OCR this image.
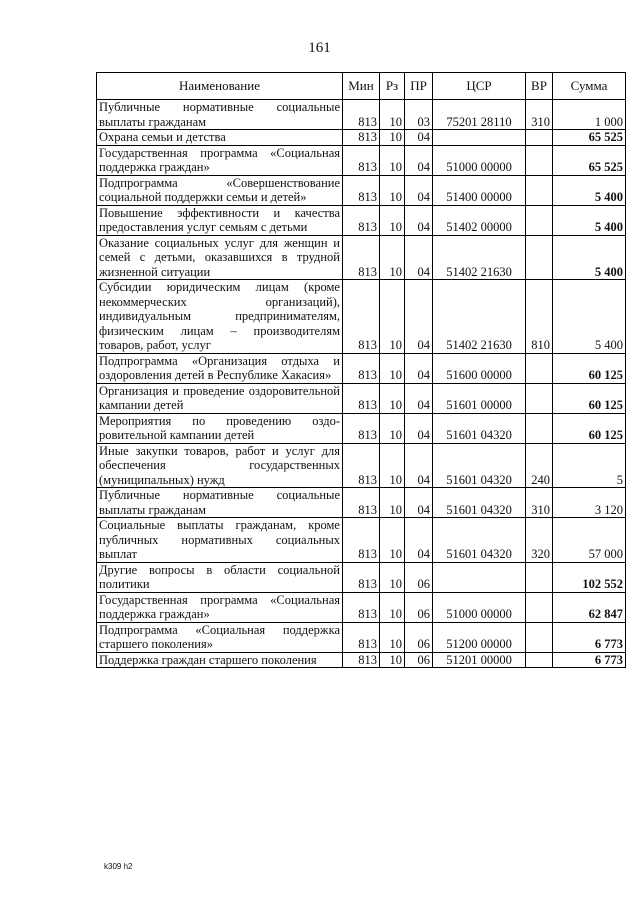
161
Наименование	Мин	Рз	ПР	ЦСР	ВР	Сумма
Публичные нормативные социальные выплаты гражданам	813	10	03	75201 28110	310	1 000
Охрана семьи и детства	813	10	04			65 525
Государственная программа «Социальная поддержка граждан»	813	10	04	51000 00000		65 525
Подпрограмма «Совершенствование социальной поддержки семьи и детей»	813	10	04	51400 00000		5 400
Повышение эффективности и качества предоставления услуг семьям с детьми	813	10	04	51402 00000		5 400
Оказание социальных услуг для женщин и семей с детьми, оказавшихся в трудной жизненной ситуации	813	10	04	51402 21630		5 400
Субсидии юридическим лицам (кроме некоммерческих организаций), индивидуальным предпринимателям, физическим лицам – производителям товаров, работ, услуг	813	10	04	51402 21630	810	5 400
Подпрограмма «Организация отдыха и оздоровления детей в Республике Хакасия»	813	10	04	51600 00000		60 125
Организация и проведение оздоровительной кампании детей	813	10	04	51601 00000		60 125
Мероприятия по проведению оздоровительной кампании детей	813	10	04	51601 04320		60 125
Иные закупки товаров, работ и услуг для обеспечения государственных (муниципальных) нужд	813	10	04	51601 04320	240	5
Публичные нормативные социальные выплаты гражданам	813	10	04	51601 04320	310	3 120
Социальные выплаты гражданам, кроме публичных нормативных социальных выплат	813	10	04	51601 04320	320	57 000
Другие вопросы в области социальной политики	813	10	06			102 552
Государственная программа «Социальная поддержка граждан»	813	10	06	51000 00000		62 847
Подпрограмма «Социальная поддержка старшего поколения»	813	10	06	51200 00000		6 773
Поддержка граждан старшего поколения	813	10	06	51201 00000		6 773
k309 h2
